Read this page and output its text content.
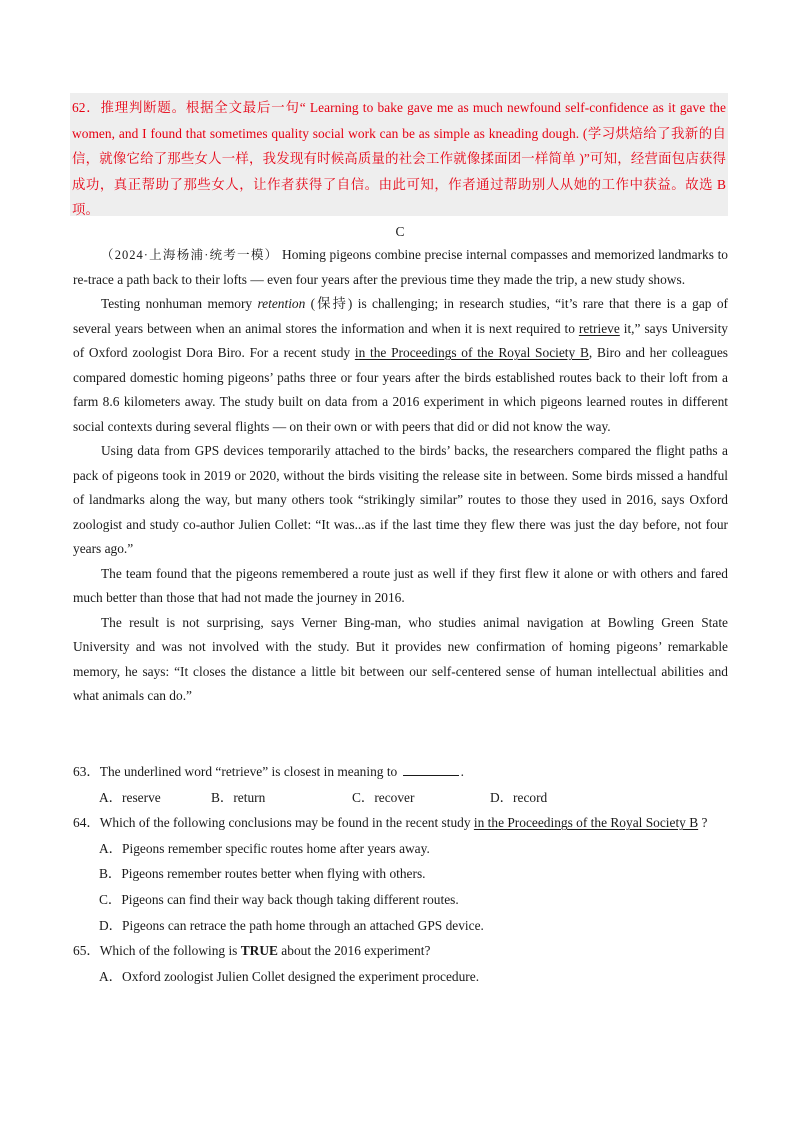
62．推理判断题。根据全文最后一句“ Learning to bake gave me as much newfound self-confidence as it gave the women, and I found that sometimes quality social work can be as simple as kneading dough. (学习烘焙给了我新的自信，就像它给了那些女人一样，我发现有时候高质量的社会工作就像揉面团一样简单 )”可知，经营面包店获得成功，真正帮助了那些女人，让作者获得了自信。由此可知，作者通过帮助别人从她的工作中获益。故选 B 项。

C

（2024·上海杨浦·统考一模） Homing pigeons combine precise internal compasses and memorized landmarks to re-trace a path back to their lofts — even four years after the previous time they made the trip, a new study shows.

Testing nonhuman memory retention (保持) is challenging; in research studies, “it’s rare that there is a gap of several years between when an animal stores the information and when it is next required to retrieve it,” says University of Oxford zoologist Dora Biro. For a recent study in the Proceedings of the Royal Society B, Biro and her colleagues compared domestic homing pigeons’ paths three or four years after the birds established routes back to their loft from a farm 8.6 kilometers away. The study built on data from a 2016 experiment in which pigeons learned routes in different social contexts during several flights — on their own or with peers that did or did not know the way.

Using data from GPS devices temporarily attached to the birds’ backs, the researchers compared the flight paths a pack of pigeons took in 2019 or 2020, without the birds visiting the release site in between. Some birds missed a handful of landmarks along the way, but many others took “strikingly similar” routes to those they used in 2016, says Oxford zoologist and study co-author Julien Collet: “It was...as if the last time they flew there was just the day before, not four years ago.”

The team found that the pigeons remembered a route just as well if they first flew it alone or with others and fared much better than those that had not made the journey in 2016.

The result is not surprising, says Verner Bing-man, who studies animal navigation at Bowling Green State University and was not involved with the study. But it provides new confirmation of homing pigeons’ remarkable memory, he says: “It closes the distance a little bit between our self-centered sense of human intellectual abilities and what animals can do.”

63．The underlined word “retrieve” is closest in meaning to	.

A．reserve	B．return	C．recover	D．record

64．Which of the following conclusions may be found in the recent study in the Proceedings of the Royal Society B ?

A．Pigeons remember specific routes home after years away.

B．Pigeons remember routes better when flying with others.

C．Pigeons can find their way back though taking different routes.

D．Pigeons can retrace the path home through an attached GPS device.

65．Which of the following is TRUE about the 2016 experiment?

A．Oxford zoologist Julien Collet designed the experiment procedure.
